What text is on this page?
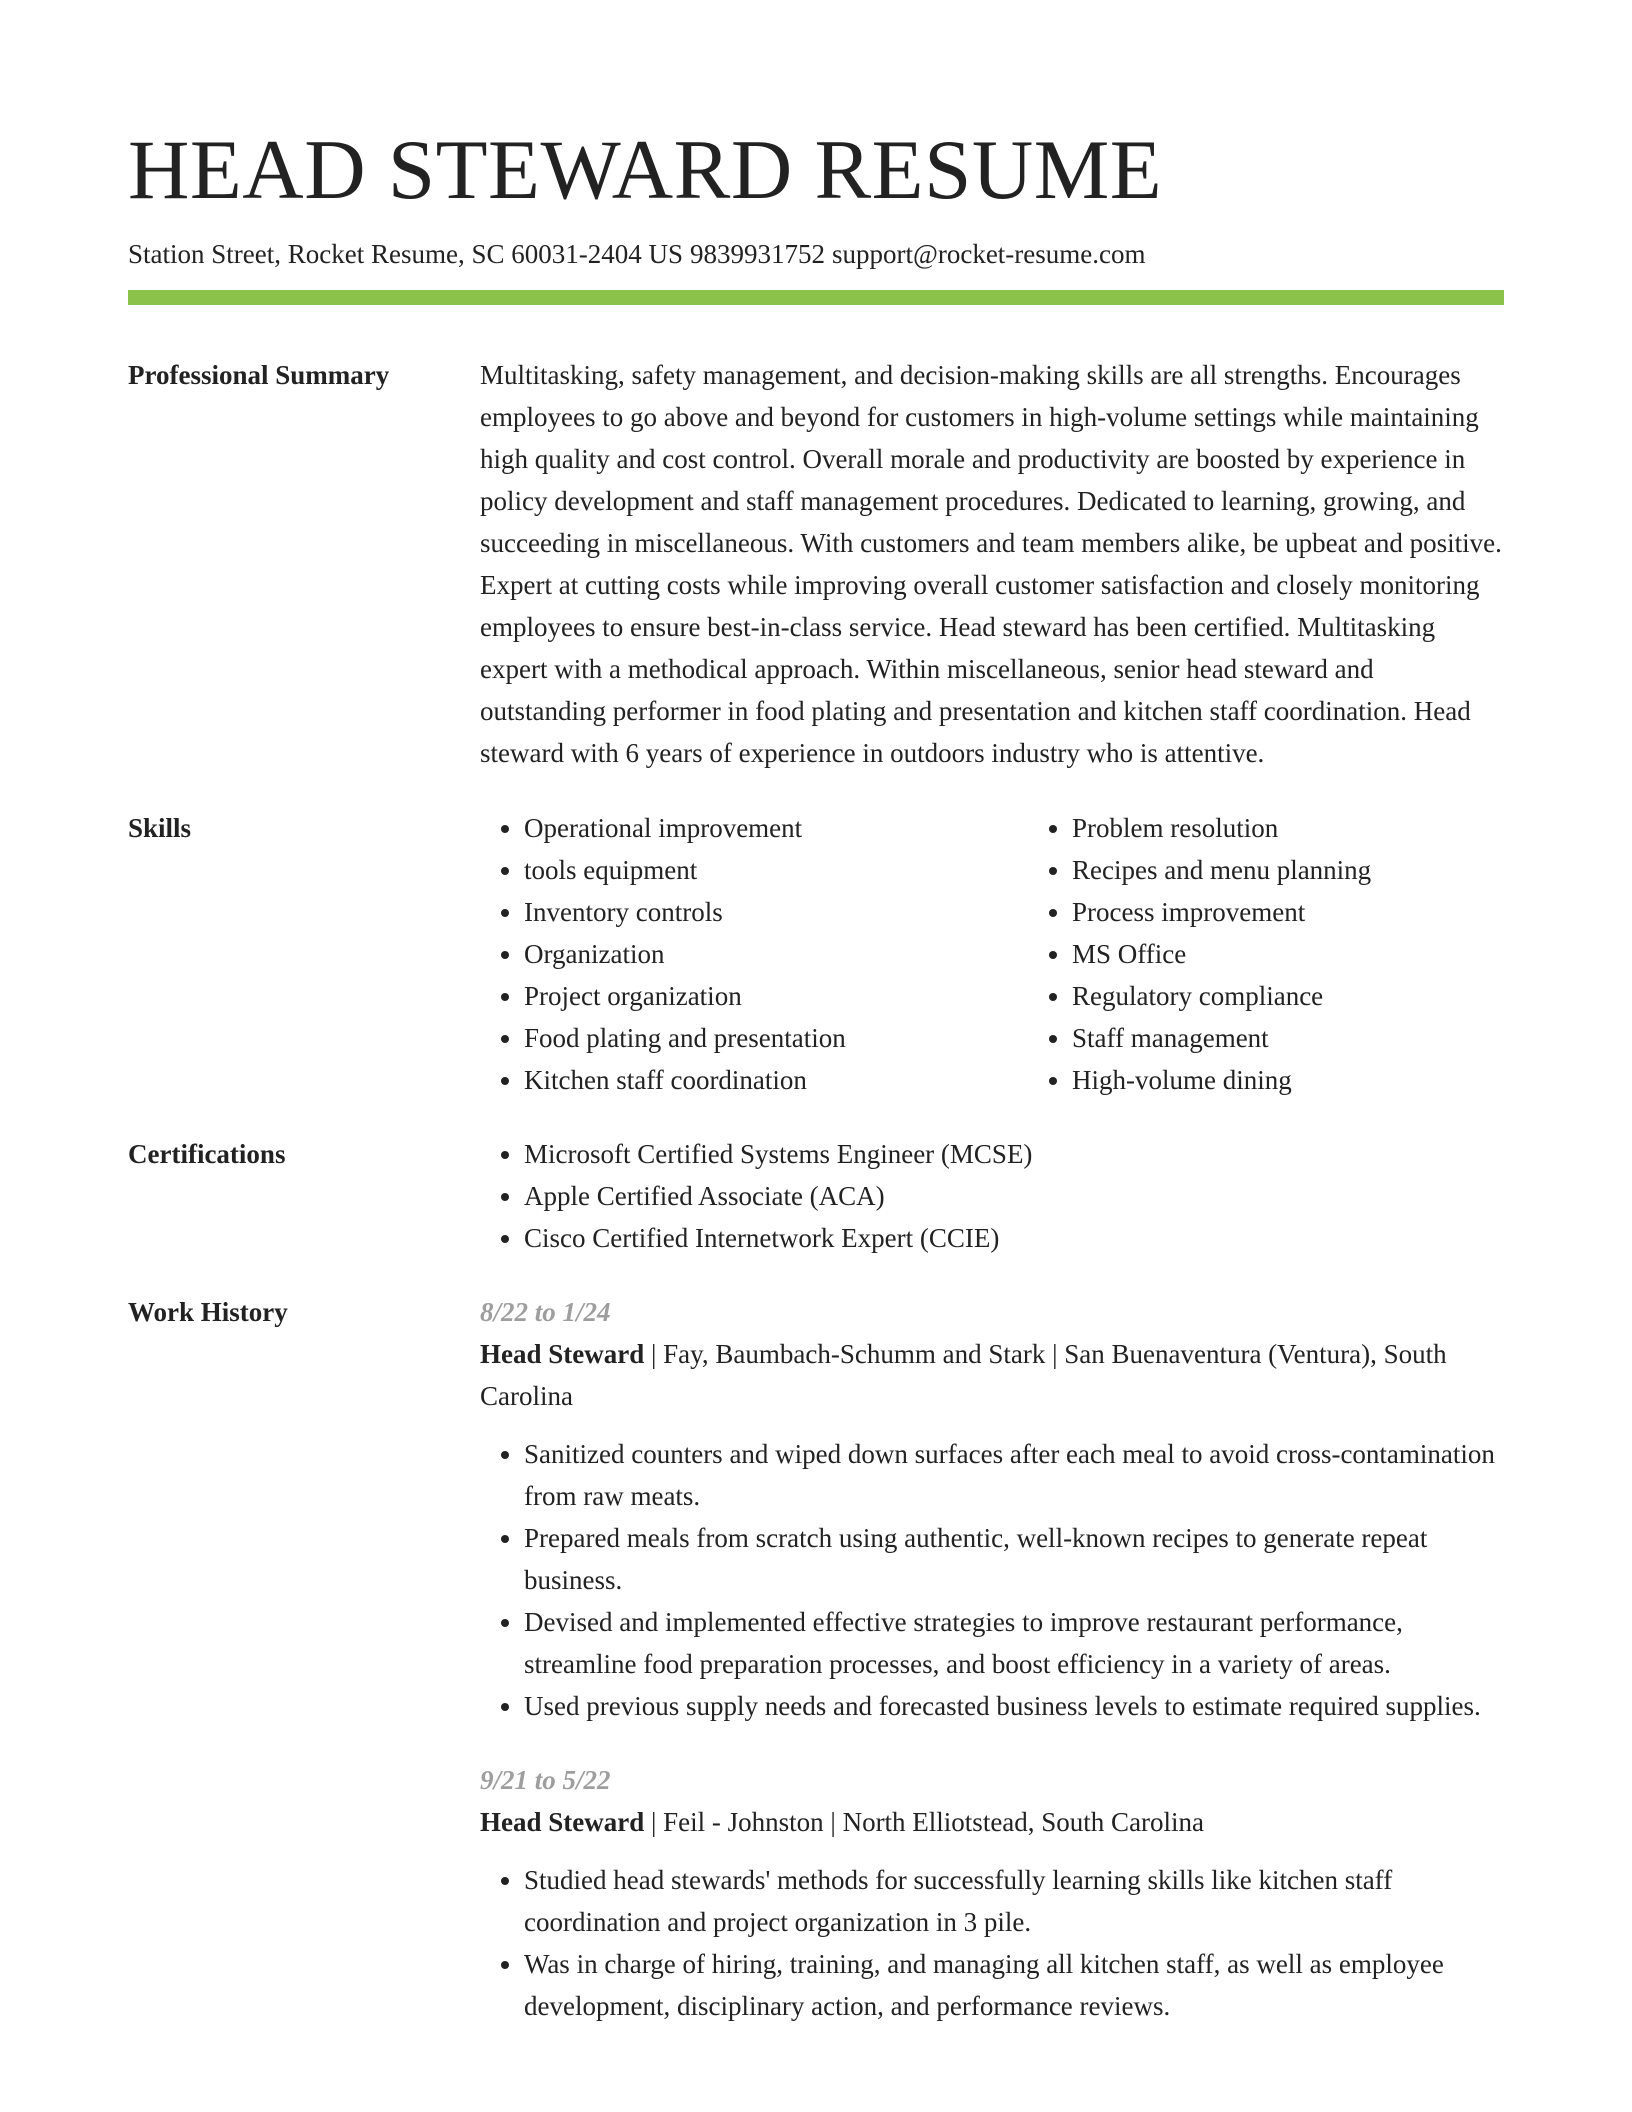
HEAD STEWARD RESUME
Station Street, Rocket Resume, SC 60031-2404 US 9839931752 support@rocket-resume.com
Professional Summary	Multitasking, safety management, and decision-making skills are all strengths. Encourages employees to go above and beyond for customers in high-volume settings while maintaining high quality and cost control. Overall morale and productivity are boosted by experience in policy development and staff management procedures. Dedicated to learning, growing, and succeeding in miscellaneous. With customers and team members alike, be upbeat and positive. Expert at cutting costs while improving overall customer satisfaction and closely monitoring employees to ensure best-in-class service. Head steward has been certified. Multitasking expert with a methodical approach. Within miscellaneous, senior head steward and outstanding performer in food plating and presentation and kitchen staff coordination. Head steward with 6 years of experience in outdoors industry who is attentive.

Skills	• Operational improvement
• tools equipment
• Inventory controls
• Organization
• Project organization
• Food plating and presentation
• Kitchen staff coordination
• Problem resolution
• Recipes and menu planning
• Process improvement
• MS Office
• Regulatory compliance
• Staff management
• High-volume dining
Certifications	• Microsoft Certified Systems Engineer (MCSE)
• Apple Certified Associate (ACA)
• Cisco Certified Internetwork Expert (CCIE)
Work History	8/22 to 1/24
Head Steward | Fay, Baumbach-Schumm and Stark | San Buenaventura (Ventura), South Carolina
• Sanitized counters and wiped down surfaces after each meal to avoid cross-contamination from raw meats.
• Prepared meals from scratch using authentic, well-known recipes to generate repeat business.
• Devised and implemented effective strategies to improve restaurant performance, streamline food preparation processes, and boost efficiency in a variety of areas.
• Used previous supply needs and forecasted business levels to estimate required supplies.
9/21 to 5/22
Head Steward | Feil - Johnston | North Elliotstead, South Carolina
• Studied head stewards' methods for successfully learning skills like kitchen staff coordination and project organization in 3 pile.
• Was in charge of hiring, training, and managing all kitchen staff, as well as employee development, disciplinary action, and performance reviews.
